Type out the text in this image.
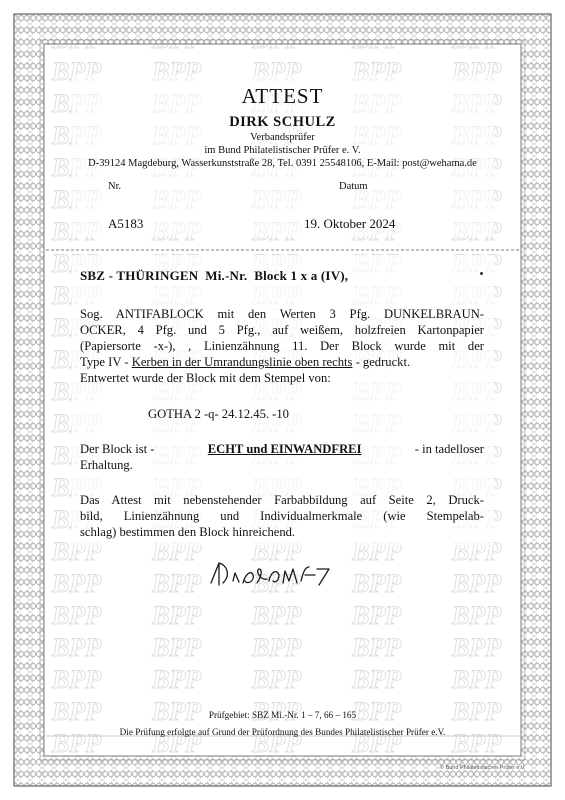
ATTEST
DIRK SCHULZ
Verbandsprüfer
im Bund Philatelistischer Prüfer e. V.
D-39124 Magdeburg, Wasserkunststraße 28, Tel. 0391 25548106, E-Mail: post@wehama.de
Nr.	Datum
A5183	19. Oktober 2024
SBZ - THÜRINGEN  Mi.-Nr.  Block 1 x a (IV),
Sog. ANTIFABLOCK mit den Werten 3 Pfg. DUNKELBRAUN-
OCKER, 4 Pfg. und 5 Pfg., auf weißem, holzfreien Kartonpapier
(Papiersorte -x-), , Linienzähnung 11. Der Block wurde mit der
Type IV - Kerben in der Umrandungslinie oben rechts - gedruckt.
Entwertet wurde der Block mit dem Stempel von:
GOTHA 2 -q- 24.12.45. -10
Der Block ist -	ECHT und EINWANDFREI	- in tadelloser
Erhaltung.
Das Attest mit nebenstehender Farbabbildung auf Seite 2, Druck-
bild, Linienzähnung und Individualmerkmale (wie Stempelab-
schlag) bestimmen den Block hinreichend.
Prüfgebiet: SBZ Mi.-Nr. 1 – 7, 66 – 165
Die Prüfung erfolgte auf Grund der Prüfordnung des Bundes Philatelistischer Prüfer e.V.
© Bund Philatelistischer Prüfer e.V.
